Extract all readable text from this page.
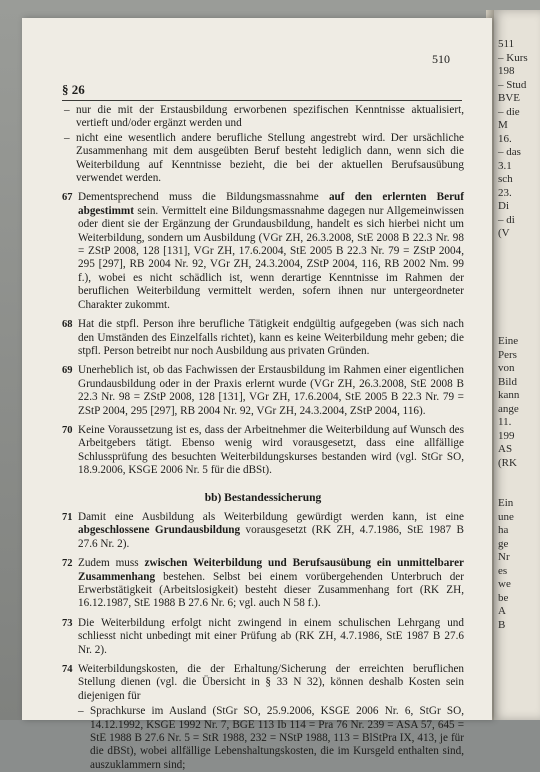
510
§ 26
– nur die mit der Erstausbildung erworbenen spezifischen Kenntnisse aktualisiert, vertieft und/oder ergänzt werden und
– nicht eine wesentlich andere berufliche Stellung angestrebt wird. Der ursächliche Zusammenhang mit dem ausgeübten Beruf besteht lediglich dann, wenn sich die Weiterbildung auf Kenntnisse bezieht, die bei der aktuellen Berufsausübung verwendet werden.
67 Dementsprechend muss die Bildungsmassnahme auf den erlernten Beruf abgestimmt sein. Vermittelt eine Bildungsmassnahme dagegen nur Allgemeinwissen oder dient sie der Ergänzung der Grundausbildung, handelt es sich hierbei nicht um Weiterbildung, sondern um Ausbildung (VGr ZH, 26.3.2008, StE 2008 B 22.3 Nr. 98 = ZStP 2008, 128 [131], VGr ZH, 17.6.2004, StE 2005 B 22.3 Nr. 79 = ZStP 2004, 295 [297], RB 2004 Nr. 92, VGr ZH, 24.3.2004, ZStP 2004, 116, RB 2002 Nm. 99 f.), wobei es nicht schädlich ist, wenn derartige Kenntnisse im Rahmen der beruflichen Weiterbildung vermittelt werden, sofern ihnen nur untergeordneter Charakter zukommt.
68 Hat die stpfl. Person ihre berufliche Tätigkeit endgültig aufgegeben (was sich nach den Umständen des Einzelfalls richtet), kann es keine Weiterbildung mehr geben; die stpfl. Person betreibt nur noch Ausbildung aus privaten Gründen.
69 Unerheblich ist, ob das Fachwissen der Erstausbildung im Rahmen einer eigentlichen Grundausbildung oder in der Praxis erlernt wurde (VGr ZH, 26.3.2008, StE 2008 B 22.3 Nr. 98 = ZStP 2008, 128 [131], VGr ZH, 17.6.2004, StE 2005 B 22.3 Nr. 79 = ZStP 2004, 295 [297], RB 2004 Nr. 92, VGr ZH, 24.3.2004, ZStP 2004, 116).
70 Keine Voraussetzung ist es, dass der Arbeitnehmer die Weiterbildung auf Wunsch des Arbeitgebers tätigt. Ebenso wenig wird vorausgesetzt, dass eine allfällige Schlussprüfung des besuchten Weiterbildungskurses bestanden wird (vgl. StGr SO, 18.9.2006, KSGE 2006 Nr. 5 für die dBSt).
bb) Bestandessicherung
71 Damit eine Ausbildung als Weiterbildung gewürdigt werden kann, ist eine abgeschlossene Grundausbildung vorausgesetzt (RK ZH, 4.7.1986, StE 1987 B 27.6 Nr. 2).
72 Zudem muss zwischen Weiterbildung und Berufsausübung ein unmittelbarer Zusammenhang bestehen. Selbst bei einem vorübergehenden Unterbruch der Erwerbstätigkeit (Arbeitslosigkeit) besteht dieser Zusammenhang fort (RK ZH, 16.12.1987, StE 1988 B 27.6 Nr. 6; vgl. auch N 58 f.).
73 Die Weiterbildung erfolgt nicht zwingend in einem schulischen Lehrgang und schliesst nicht unbedingt mit einer Prüfung ab (RK ZH, 4.7.1986, StE 1987 B 27.6 Nr. 2).
74 Weiterbildungskosten, die der Erhaltung/Sicherung der erreichten beruflichen Stellung dienen (vgl. die Übersicht in § 33 N 32), können deshalb Kosten sein diejenigen für
– Sprachkurse im Ausland (StGr SO, 25.9.2006, KSGE 2006 Nr. 6, StGr SO, 14.12.1992, KSGE 1992 Nr. 7, BGE 113 Ib 114 = Pra 76 Nr. 239 = ASA 57, 645 = StE 1988 B 27.6 Nr. 5 = StR 1988, 232 = NStP 1988, 113 = BlStPra IX, 413, je für die dBSt), wobei allfällige Lebenshaltungskosten, die im Kursgeld enthalten sind, auszuklammern sind;
511
– Kurs
198
– Stud
BVE
– die
M
16.
– das
3.1
sch
23.
Di
– di
(V
Eine
Pers
von
Bild
kann
ange
11.
199
AS
(RK
Ein
une
ha
ge
Nr
es
we
be
A
B
